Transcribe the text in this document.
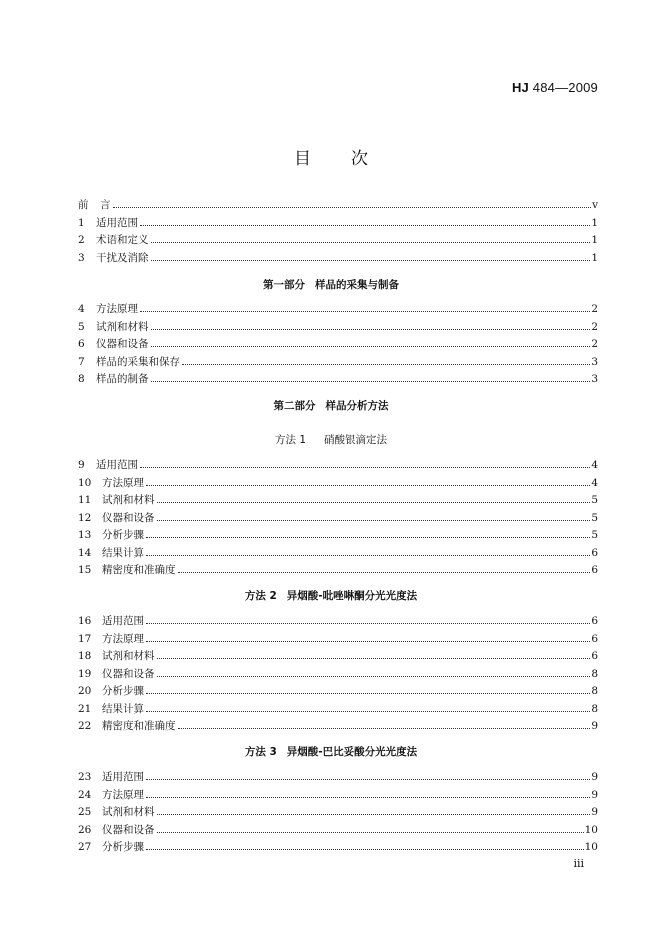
HJ 484—2009
目 次
前	言	v
1	适用范围	1
2	术语和定义	1
3	干扰及消除	1
第一部分 样品的采集与制备
4	方法原理	2
5	试剂和材料	2
6	仪器和设备	2
7	样品的采集和保存	3
8	样品的制备	3
第二部分 样品分析方法
方法 1 硝酸银滴定法
9	适用范围	4
10	方法原理	4
11	试剂和材料	5
12	仪器和设备	5
13	分析步骤	5
14	结果计算	6
15	精密度和准确度	6
方法 2 异烟酸-吡唑啉酮分光光度法
16	适用范围	6
17	方法原理	6
18	试剂和材料	6
19	仪器和设备	8
20	分析步骤	8
21	结果计算	8
22	精密度和准确度	9
方法 3 异烟酸-巴比妥酸分光光度法
23	适用范围	9
24	方法原理	9
25	试剂和材料	9
26	仪器和设备	10
27	分析步骤	10
iii
